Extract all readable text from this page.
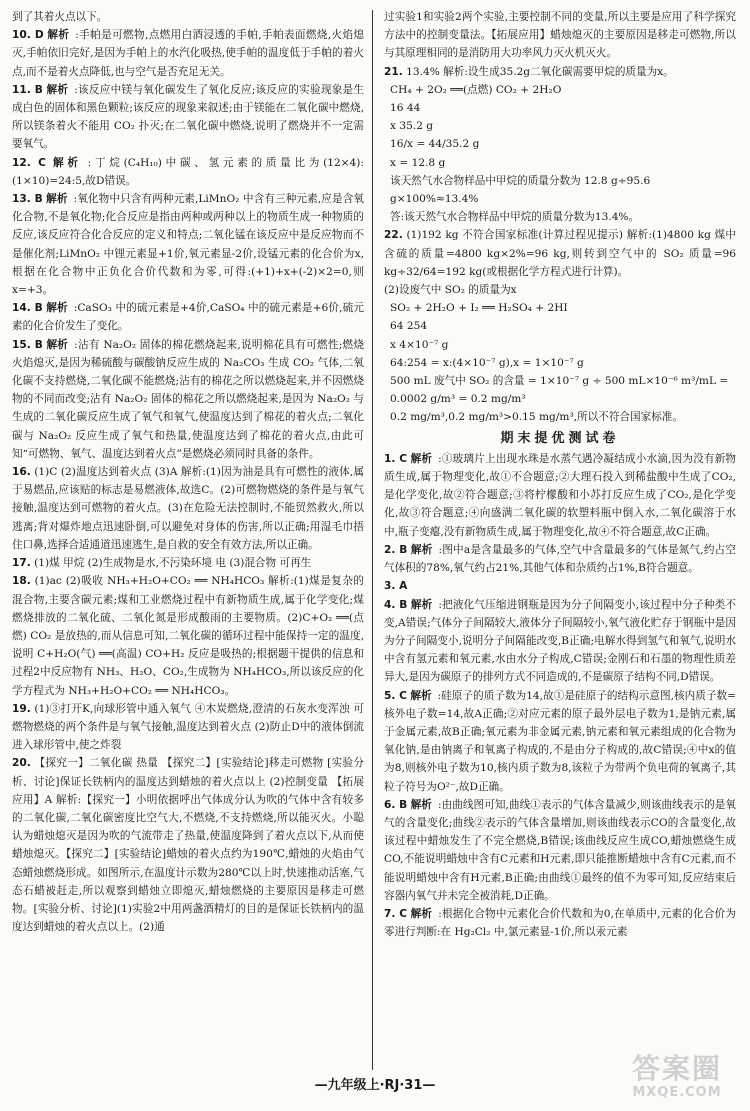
到了其着火点以下。

10. D 解析 :手帕是可燃物,点燃用白酒浸透的手帕,手帕表面燃烧,火焰熄灭,手帕依旧完好,是因为手帕上的水汽化吸热,使手帕的温度低于手帕的着火点,而不是着火点降低,也与空气是否充足无关。

11. B 解析 :该反应中镁与氧化碳发生了氧化反应;该反应的实验现象是生成白色的固体和黑色颗粒;该反应的现象来叙述;由于镁能在二氧化碳中燃烧,所以镁条着火不能用 CO₂ 扑灭;在二氧化碳中燃烧,说明了燃烧并不一定需要氧气。

12. C 解析 :丁烷(C₄H₁₀)中碳、氢元素的质量比为(12×4):(1×10)=24:5,故D错误。

13. B 解析 :氧化物中只含有两种元素,LiMnO₂ 中含有三种元素,应是含氧化合物,不是氧化物;化合反应是指由两种或两种以上的物质生成一种物质的反应,该反应符合化合反应的定义和特点;二氧化锰在该反应中是反应物而不是催化剂;LiMnO₂ 中锂元素显+1价,氧元素显-2价,设锰元素的化合价为x,根据在化合物中正负化合价代数和为零,可得:(+1)+x+(-2)×2=0,则x=+3。

14. B 解析 :CaSO₃ 中的硫元素是+4价,CaSO₄ 中的硫元素是+6价,硫元素的化合价发生了变化。

15. B 解析 :沾有 Na₂O₂ 固体的棉花燃烧起来,说明棉花具有可燃性;燃烧火焰熄灭,是因为稀硫酸与碳酸钠反应生成的 Na₂CO₃ 生成 CO₂ 气体,二氧化碳不支持燃烧,二氧化碳不能燃烧;沾有的棉花之所以燃烧起来,并不因燃烧物的不同而改变;沾有 Na₂O₂ 固体的棉花之所以燃烧起来,是因为 Na₂O₂ 与生成的二氧化碳反应生成了氧气和氧气,使温度达到了棉花的着火点;二氧化碳与 Na₂O₂ 反应生成了氧气和热量,使温度达到了棉花的着火点,由此可知“可燃物、氧气、温度达到着火点”是燃烧必须同时具备的条件。

16. (1)C (2)温度达到着火点 (3)A 解析:(1)因为油是具有可燃性的液体,属于易燃品,应该贴的标志是易燃液体,故选C。(2)可燃物燃烧的条件是与氧气接触,温度达到可燃物的着火点。(3)在危险无法控制时,不能贸然救火,所以逃离;背对爆炸地点迅速卧倒,可以避免对身体的伤害,所以正确;用湿毛巾捂住口鼻,选择合适通道迅速逃生,是自救的安全有效方法,所以正确。

17. (1)煤 甲烷 (2)生成物是水,不污染环境 电 (3)混合物 可再生

18. (1)ac (2)吸收 NH₃+H₂O+CO₂ ══ NH₄HCO₃ 解析:(1)煤是复杂的混合物,主要含碳元素;煤和工业燃烧过程中有新物质生成,属于化学变化;煤燃烧排放的二氧化硫、二氧化氮是形成酸雨的主要物质。(2)C+O₂ ══(点燃) CO₂ 是放热的,而从信息可知,二氧化碳的循环过程中能保持一定的温度,说明 C+H₂O(气) ══(高温) CO+H₂ 反应是吸热的;根据题干提供的信息和过程2中反应物有 NH₃、H₂O、CO₂,生成物为 NH₄HCO₃,所以该反应的化学方程式为 NH₃+H₂O+CO₂ ══ NH₄HCO₃。

19. (1)③打开K,向球形管中通入氧气 ④木炭燃烧,澄清的石灰水变浑浊 可燃物燃烧的两个条件是与氧气接触,温度达到着火点 (2)防止D中的液体倒流进入球形管中,使之炸裂

20. 【探究一】二氧化碳 热量 【探究二】[实验结论]移走可燃物 [实验分析、讨论]保证长铁柄内的温度达到蜡烛的着火点以上 (2)控制变量 【拓展应用】A 解析:【探究一】小明依据呼出气体成分认为吹的气体中含有较多的二氧化碳,二氧化碳密度比空气大,不燃烧,不支持燃烧,所以能灭火。小聪认为蜡烛熄灭是因为吹的气流带走了热量,使温度降到了着火点以下,从而使蜡烛熄灭。【探究二】[实验结论]蜡烛的着火点约为190℃,蜡烛的火焰由气态蜡烛燃烧形成。如图所示,在温度计示数为280℃以上时,快速推动活塞,气态石蜡被赶走,所以观察到蜡烛立即熄灭,蜡烛燃烧的主要原因是移走可燃物。[实验分析、讨论](1)实验2中用两盏酒精灯的目的是保证长铁柄内的温度达到蜡烛的着火点以上。(2)通

过实验1和实验2两个实验,主要控制不同的变量,所以主要是应用了科学探究方法中的控制变量法。【拓展应用】蜡烛熄灭的主要原因是移走可燃物,所以与其原理相同的是消防用大功率风力灭火机灭火。

21. 13.4% 解析:设生成35.2g二氧化碳需要甲烷的质量为x。

CH₄ + 2O₂ ══(点燃) CO₂ + 2H₂O
16 44
x 35.2 g
16/x = 44/35.2 g
x = 12.8 g
该天然气水合物样品中甲烷的质量分数为 12.8 g÷95.6 g×100%≈13.4%
答:该天然气水合物样品中甲烷的质量分数为13.4%。

22. (1)192 kg 不符合国家标准(计算过程见提示) 解析:(1)4800 kg 煤中含硫的质量=4800 kg×2%=96 kg,则转到空气中的 SO₂ 质量=96 kg÷32/64=192 kg(或根据化学方程式进行计算)。

(2)设废气中 SO₂ 的质量为x

SO₂ + 2H₂O + I₂ ══ H₂SO₄ + 2HI
64 254
x 4×10⁻⁷ g
64:254 = x:(4×10⁻⁷ g),x = 1×10⁻⁷ g
500 mL 废气中 SO₂ 的含量 = 1×10⁻⁷ g ÷ 500 mL×10⁻⁶ m³/mL = 0.0002 g/m³ = 0.2 mg/m³
0.2 mg/m³,0.2 mg/m³>0.15 mg/m³,所以不符合国家标准。
期末提优测试卷

1. C 解析 :①玻璃片上出现水珠是水蒸气遇冷凝结成小水滴,因为没有新物质生成,属于物理变化,故①不合题意;②大理石投入到稀盐酸中生成了CO₂,是化学变化,故②符合题意;③将柠檬酸和小苏打反应生成了CO₂,是化学变化,故③符合题意;④向盛满二氧化碳的软塑料瓶中倒入水,二氧化碳溶于水中,瓶子变瘪,没有新物质生成,属于物理变化,故④不符合题意,故C正确。

2. B 解析 :图中a是含量最多的气体,空气中含量最多的气体是氮气,约占空气体积的78%,氧气约占21%,其他气体和杂质约占1%,B符合题意。

3. A

4. B 解析 :把液化气压缩进钢瓶是因为分子间隔变小,该过程中分子种类不变,A错误;气体分子间隔较大,液体分子间隔较小,氧气液化贮存于钢瓶中是因为分子间隔变小,说明分子间隔能改变,B正确;电解水得到氢气和氧气,说明水中含有氢元素和氧元素,水由水分子构成,C错误;金刚石和石墨的物理性质差异大,是因为碳原子的排列方式不同造成的,不是碳原子结构不同,D错误。

5. C 解析 :硅原子的质子数为14,故①是硅原子的结构示意图,核内质子数=核外电子数=14,故A正确;②对应元素的原子最外层电子数为1,是钠元素,属于金属元素,故B正确;氧元素为非金属元素,钠元素和氧元素组成的化合物为氧化钠,是由钠离子和氧离子构成的,不是由分子构成的,故C错误;④中x的值为8,则核外电子数为10,核内质子数为8,该粒子为带两个负电荷的氧离子,其粒子符号为O²⁻,故D正确。

6. B 解析 :由曲线图可知,曲线①表示的气体含量减少,则该曲线表示的是氧气的含量变化;曲线②表示的气体含量增加,则该曲线表示CO的含量变化,故该过程中蜡烛发生了不完全燃烧,B错误;该曲线反应生成CO,蜡烛燃烧生成CO,不能说明蜡烛中含有C元素和H元素,即只能推断蜡烛中含有C元素,而不能说明蜡烛中含有H元素,B正确;由曲线①最终的值不为零可知,反应结束后容器内氧气并未完全被消耗,D正确。

7. C 解析 :根据化合物中元素化合价代数和为0,在单质中,元素的化合价为零进行判断:在 Hg₂Cl₂ 中,氯元素显-1价,所以汞元素

—九年级上·RJ·31—
答案圈
MXQE.COM
